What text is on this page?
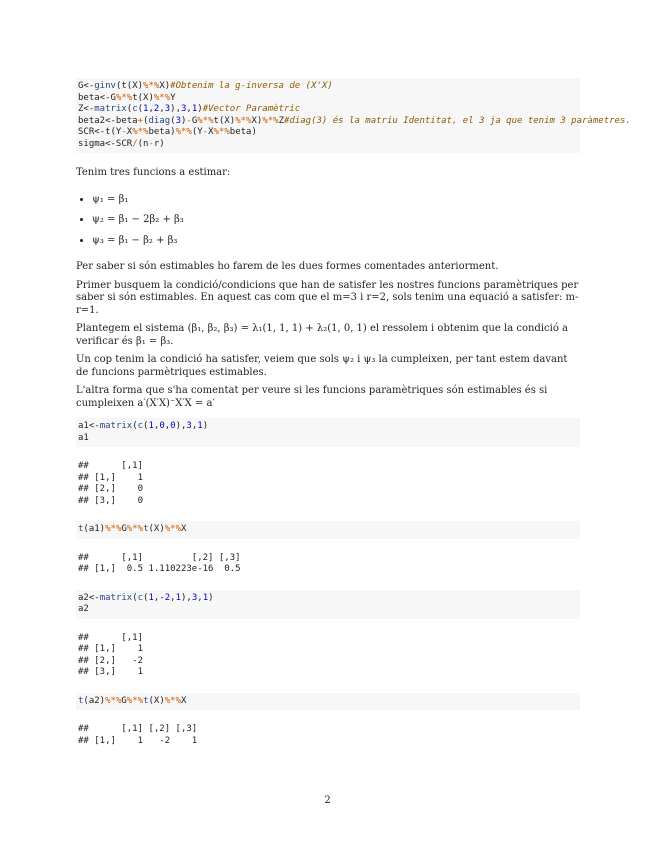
G<-ginv(t(X)%*%X)#Obtenim la g-inversa de (X'X)
beta<-G%*%t(X)%*%Y
Z<-matrix(c(1,2,3),3,1)#Vector Paramètric
beta2<-beta+(diag(3)-G%*%t(X)%*%X)%*%Z#diag(3) és la matriu Identitat, el 3 ja que tenim 3 paràmetres.
SCR<-t(Y-X%*%beta)%*%(Y-X%*%beta)
sigma<-SCR/(n-r)

Tenim tres funcions a estimar:

• ψ₁ = β₁
• ψ₂ = β₁ − 2β₂ + β₃
• ψ₃ = β₁ − β₂ + β₃

Per saber si són estimables ho farem de les dues formes comentades anteriorment.

Primer busquem la condició/condicions que han de satisfer les nostres funcions paramètriques per saber si són estimables. En aquest cas com que el m=3 i r=2, sols tenim una equació a satisfer: m-r=1.

Plantegem el sistema (β₁, β₂, β₃) = λ₁(1, 1, 1) + λ₂(1, 0, 1) el ressolem i obtenim que la condició a verificar és β₁ = β₃.

Un cop tenim la condició ha satisfer, veiem que sols ψ₂ i ψ₃ la cumpleixen, per tant estem davant de funcions parmètriques estimables.

L'altra forma que s'ha comentat per veure si les funcions paramètriques són estimables és si cumpleixen a′(X′X)⁻X′X = a′

a1<-matrix(c(1,0,0),3,1)
a1
##      [,1]
## [1,]    1
## [2,]    0
## [3,]    0
t(a1)%*%G%*%t(X)%*%X
##      [,1]         [,2] [,3]
## [1,]  0.5 1.110223e-16  0.5
a2<-matrix(c(1,-2,1),3,1)
a2
##      [,1]
## [1,]    1
## [2,]   -2
## [3,]    1
t(a2)%*%G%*%t(X)%*%X
##      [,1] [,2] [,3]
## [1,]    1   -2    1
2
